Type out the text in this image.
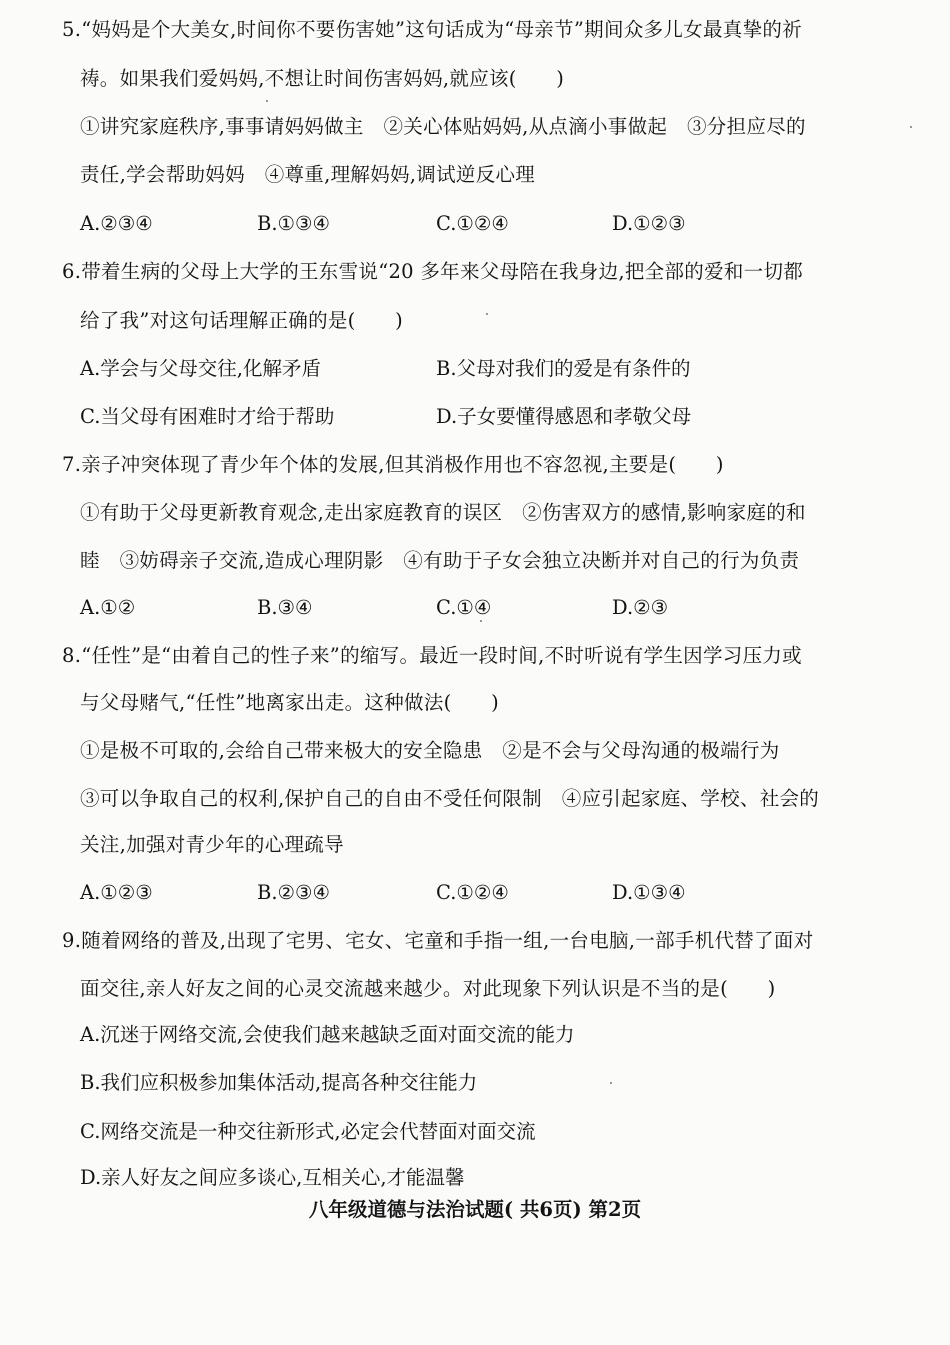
5.“妈妈是个大美女,时间你不要伤害她”这句话成为“母亲节”期间众多儿女最真挚的祈
祷。如果我们爱妈妈,不想让时间伤害妈妈,就应该(　　)
①讲究家庭秩序,事事请妈妈做主　②关心体贴妈妈,从点滴小事做起　③分担应尽的
责任,学会帮助妈妈　④尊重,理解妈妈,调试逆反心理
A.②③④	B.①③④	C.①②④	D.①②③
6.带着生病的父母上大学的王东雪说“20 多年来父母陪在我身边,把全部的爱和一切都
给了我”对这句话理解正确的是(　　)
A.学会与父母交往,化解矛盾	B.父母对我们的爱是有条件的
C.当父母有困难时才给于帮助	D.子女要懂得感恩和孝敬父母
7.亲子冲突体现了青少年个体的发展,但其消极作用也不容忽视,主要是(　　)
①有助于父母更新教育观念,走出家庭教育的误区　②伤害双方的感情,影响家庭的和
睦　③妨碍亲子交流,造成心理阴影　④有助于子女会独立决断并对自己的行为负责
A.①②	B.③④	C.①④	D.②③
8.“任性”是“由着自己的性子来”的缩写。最近一段时间,不时听说有学生因学习压力或
与父母赌气,“任性”地离家出走。这种做法(　　)
①是极不可取的,会给自己带来极大的安全隐患　②是不会与父母沟通的极端行为
③可以争取自己的权利,保护自己的自由不受任何限制　④应引起家庭、学校、社会的
关注,加强对青少年的心理疏导
A.①②③	B.②③④	C.①②④	D.①③④
9.随着网络的普及,出现了宅男、宅女、宅童和手指一组,一台电脑,一部手机代替了面对
面交往,亲人好友之间的心灵交流越来越少。对此现象下列认识是不当的是(　　)
A.沉迷于网络交流,会使我们越来越缺乏面对面交流的能力
B.我们应积极参加集体活动,提高各种交往能力
C.网络交流是一种交往新形式,必定会代替面对面交流
D.亲人好友之间应多谈心,互相关心,才能温馨
八年级道德与法治试题( 共6页) 第2页
